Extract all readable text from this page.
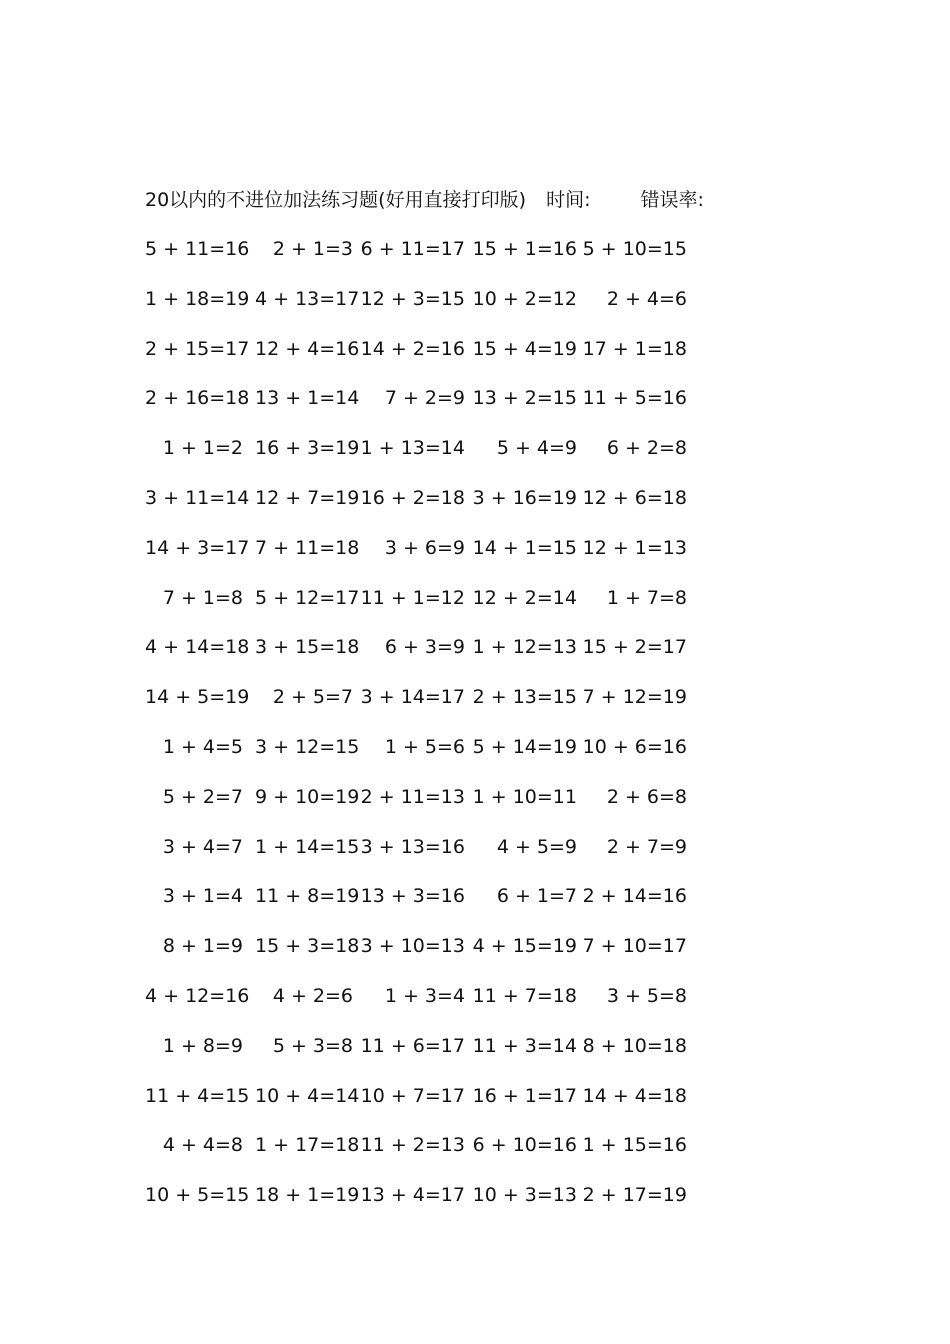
20以内的不进位加法练习题(好用直接打印版) 时间:	错误率:
5 + 11=16	2 + 1=3 6 + 11=17 15 + 1=16 5 + 10=15
1 + 18=19 4 + 13=17 12 + 3=15 10 + 2=12	2 + 4=6
2 + 15=17 12 + 4=16 14 + 2=16 15 + 4=19 17 + 1=18
2 + 16=18 13 + 1=14	7 + 2=9 13 + 2=15 11 + 5=16
1 + 1=2 16 + 3=19 1 + 13=14	5 + 4=9	6 + 2=8
3 + 11=14 12 + 7=19 16 + 2=18 3 + 16=19 12 + 6=18
14 + 3=17 7 + 11=18	3 + 6=9 14 + 1=15 12 + 1=13
7 + 1=8 5 + 12=17 11 + 1=12 12 + 2=14	1 + 7=8
4 + 14=18 3 + 15=18	6 + 3=9 1 + 12=13 15 + 2=17
14 + 5=19	2 + 5=7 3 + 14=17 2 + 13=15 7 + 12=19
1 + 4=5 3 + 12=15	1 + 5=6 5 + 14=19 10 + 6=16
5 + 2=7 9 + 10=19 2 + 11=13 1 + 10=11	2 + 6=8
3 + 4=7 1 + 14=15 3 + 13=16	4 + 5=9	2 + 7=9
3 + 1=4 11 + 8=19 13 + 3=16	6 + 1=7 2 + 14=16
8 + 1=9 15 + 3=18 3 + 10=13 4 + 15=19 7 + 10=17
4 + 12=16	4 + 2=6	1 + 3=4 11 + 7=18	3 + 5=8
1 + 8=9	5 + 3=8 11 + 6=17 11 + 3=14 8 + 10=18
11 + 4=15 10 + 4=14 10 + 7=17 16 + 1=17 14 + 4=18
4 + 4=8 1 + 17=18 11 + 2=13 6 + 10=16 1 + 15=16
10 + 5=15 18 + 1=19 13 + 4=17 10 + 3=13 2 + 17=19
